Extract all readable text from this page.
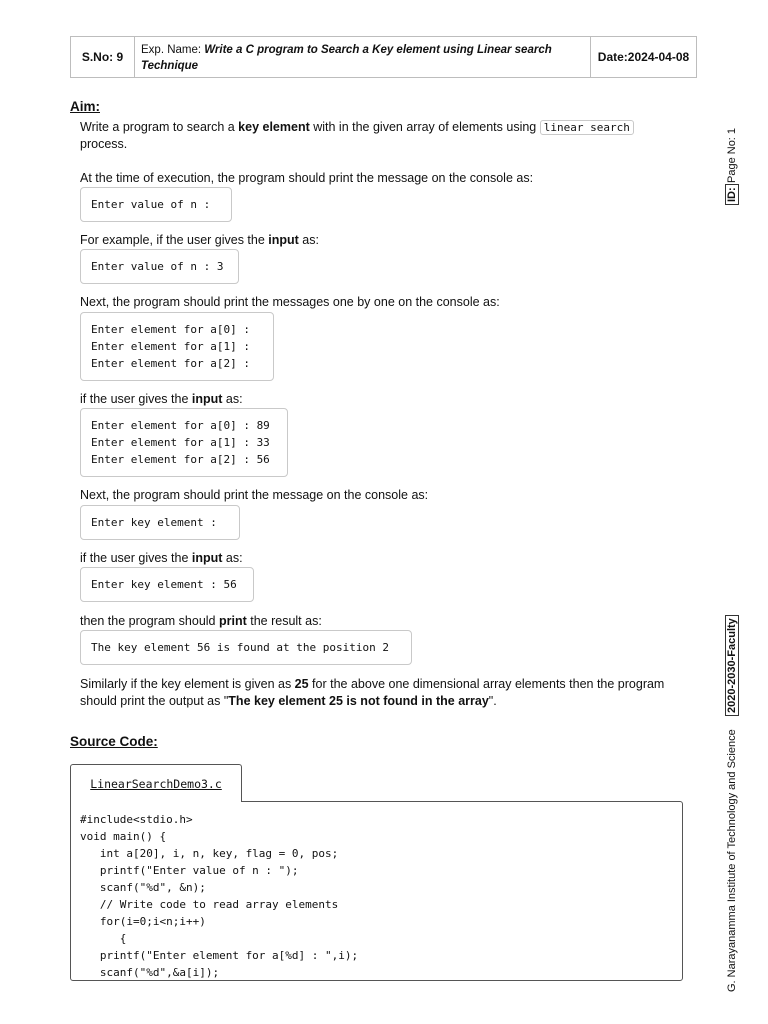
S.No: 9	Exp. Name: Write a C program to Search a Key element using Linear search Technique
Date:2024-04-08
Aim:
Write a program to search a key element with in the given array of elements using linear search process.
At the time of execution, the program should print the message on the console as:
Enter value of n :
For example, if the user gives the input as:
Enter value of n : 3
Next, the program should print the messages one by one on the console as:
Enter element for a[0] :
Enter element for a[1] :
Enter element for a[2] :
if the user gives the input as:
Enter element for a[0] : 89
Enter element for a[1] : 33
Enter element for a[2] : 56
Next, the program should print the message on the console as:
Enter key element :
if the user gives the input as:
Enter key element : 56
then the program should print the result as:
The key element 56 is found at the position 2
Similarly if the key element is given as 25 for the above one dimensional array elements then the program should print the output as "The key element 25 is not found in the array".
Source Code:
LinearSearchDemo3.c
#include<stdio.h>
void main() {
int a[20], i, n, key, flag = 0, pos;
printf("Enter value of n : ");
scanf("%d", &n);
// Write code to read array elements
for(i=0;i<n;i++)
{
printf("Enter element for a[%d] : ",i);
scanf("%d",&a[i]);
Page No: 1
ID:
2020-2030-Faculty
G. Narayanamma Institute of Technology and Science
